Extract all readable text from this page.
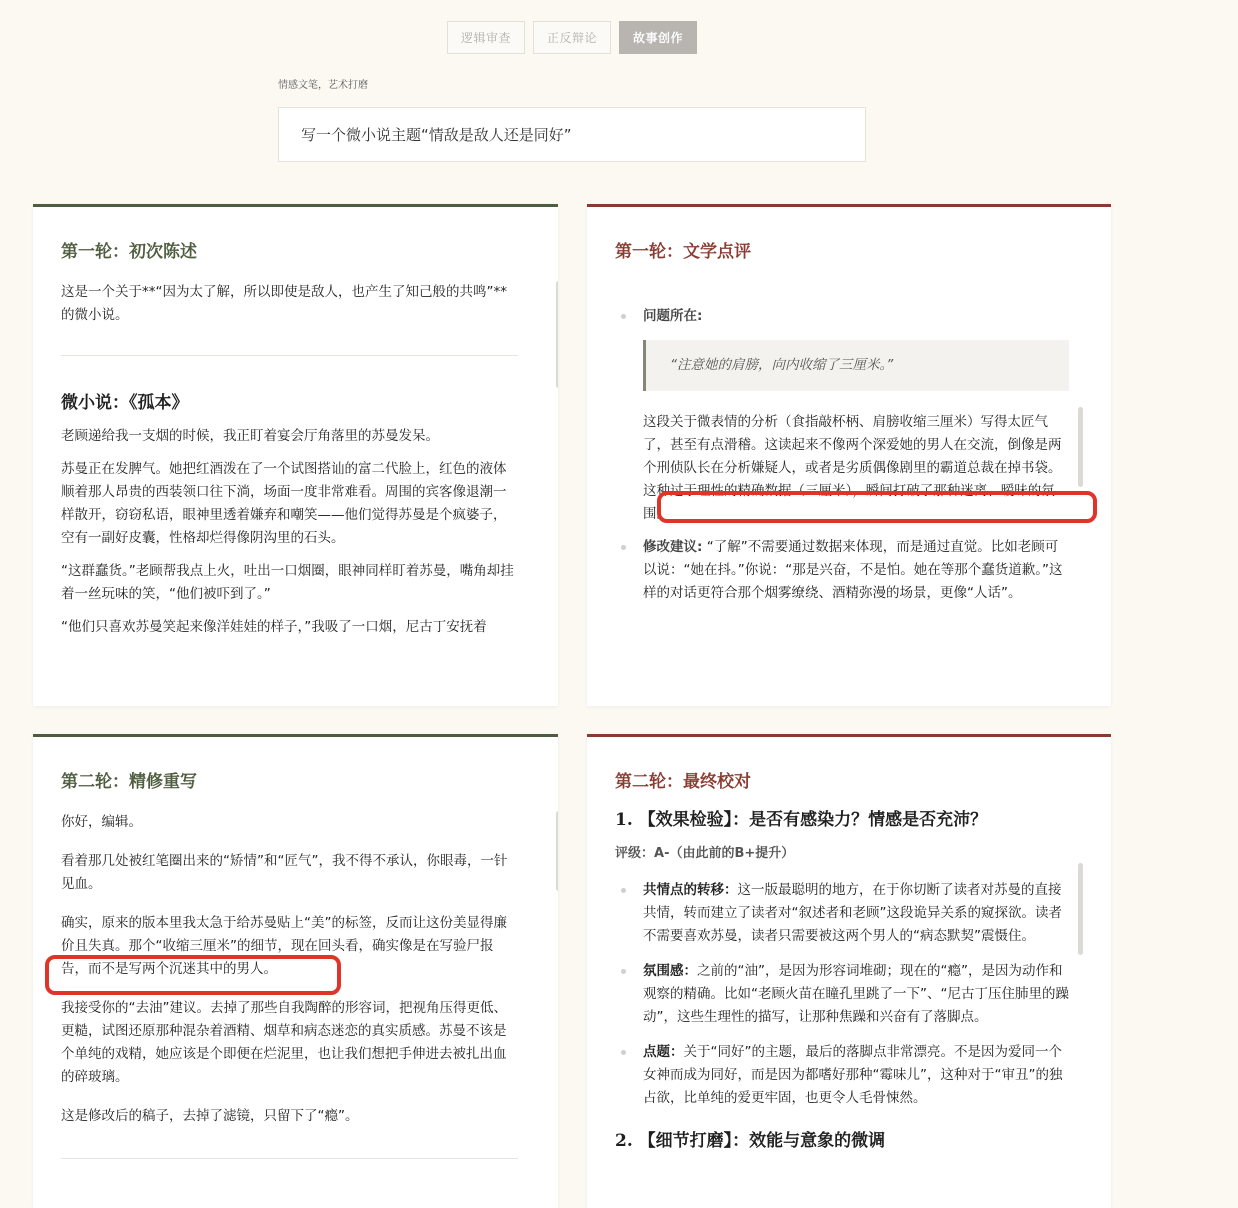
逻辑审查	正反辩论	故事创作
情感文笔，艺术打磨
写一个微小说主题“情敌是敌人还是同好”
第一轮：初次陈述

这是一个关于**“因为太了解，所以即使是敌人，也产生了知己般的共鸣”**的微小说。

微小说：《孤本》

老顾递给我一支烟的时候，我正盯着宴会厅角落里的苏曼发呆。

苏曼正在发脾气。她把红酒泼在了一个试图搭讪的富二代脸上，红色的液体顺着那人昂贵的西装领口往下淌，场面一度非常难看。周围的宾客像退潮一样散开，窃窃私语，眼神里透着嫌弃和嘲笑——他们觉得苏曼是个疯婆子，空有一副好皮囊，性格却烂得像阴沟里的石头。

“这群蠢货。”老顾帮我点上火，吐出一口烟圈，眼神同样盯着苏曼，嘴角却挂着一丝玩味的笑，“他们被吓到了。”

“他们只喜欢苏曼笑起来像洋娃娃的样子，”我吸了一口烟，尼古丁安抚着

第一轮：文学点评
问题所在:
“注意她的肩膀，向内收缩了三厘米。”

这段关于微表情的分析（食指敲杯柄、肩膀收缩三厘米）写得太匠气了，甚至有点滑稽。这读起来不像两个深爱她的男人在交流，倒像是两个刑侦队长在分析嫌疑人，或者是劣质偶像剧里的霸道总裁在掉书袋。这种过于理性的精确数据（三厘米），瞬间打破了那种迷离、暧昧的氛围。

修改建议: “了解”不需要通过数据来体现，而是通过直觉。比如老顾可以说：“她在抖。”你说：“那是兴奋，不是怕。她在等那个蠢货道歉。”这样的对话更符合那个烟雾缭绕、酒精弥漫的场景，更像“人话”。
第二轮：精修重写

你好，编辑。

看着那几处被红笔圈出来的“矫情”和“匠气”，我不得不承认，你眼毒，一针见血。

确实，原来的版本里我太急于给苏曼贴上“美”的标签，反而让这份美显得廉价且失真。那个“收缩三厘米”的细节，现在回头看，确实像是在写验尸报告，而不是写两个沉迷其中的男人。

我接受你的“去油”建议。去掉了那些自我陶醉的形容词，把视角压得更低、更糙，试图还原那种混杂着酒精、烟草和病态迷恋的真实质感。苏曼不该是个单纯的戏精，她应该是个即便在烂泥里，也让我们想把手伸进去被扎出血的碎玻璃。

这是修改后的稿子，去掉了滤镜，只留下了“瘾”。

第二轮：最终校对
1. 【效果检验】：是否有感染力？情感是否充沛？

评级：A-（由此前的B+提升）

共情点的转移：这一版最聪明的地方，在于你切断了读者对苏曼的直接共情，转而建立了读者对“叙述者和老顾”这段诡异关系的窥探欲。读者不需要喜欢苏曼，读者只需要被这两个男人的“病态默契”震慑住。
氛围感：之前的“油”，是因为形容词堆砌；现在的“瘾”，是因为动作和观察的精确。比如“老顾火苗在瞳孔里跳了一下”、“尼古丁压住肺里的躁动”，这些生理性的描写，让那种焦躁和兴奋有了落脚点。
点题：关于“同好”的主题，最后的落脚点非常漂亮。不是因为爱同一个女神而成为同好，而是因为都嗜好那种“霉味儿”，这种对于“审丑”的独占欲，比单纯的爱更牢固，也更令人毛骨悚然。
2. 【细节打磨】：效能与意象的微调
